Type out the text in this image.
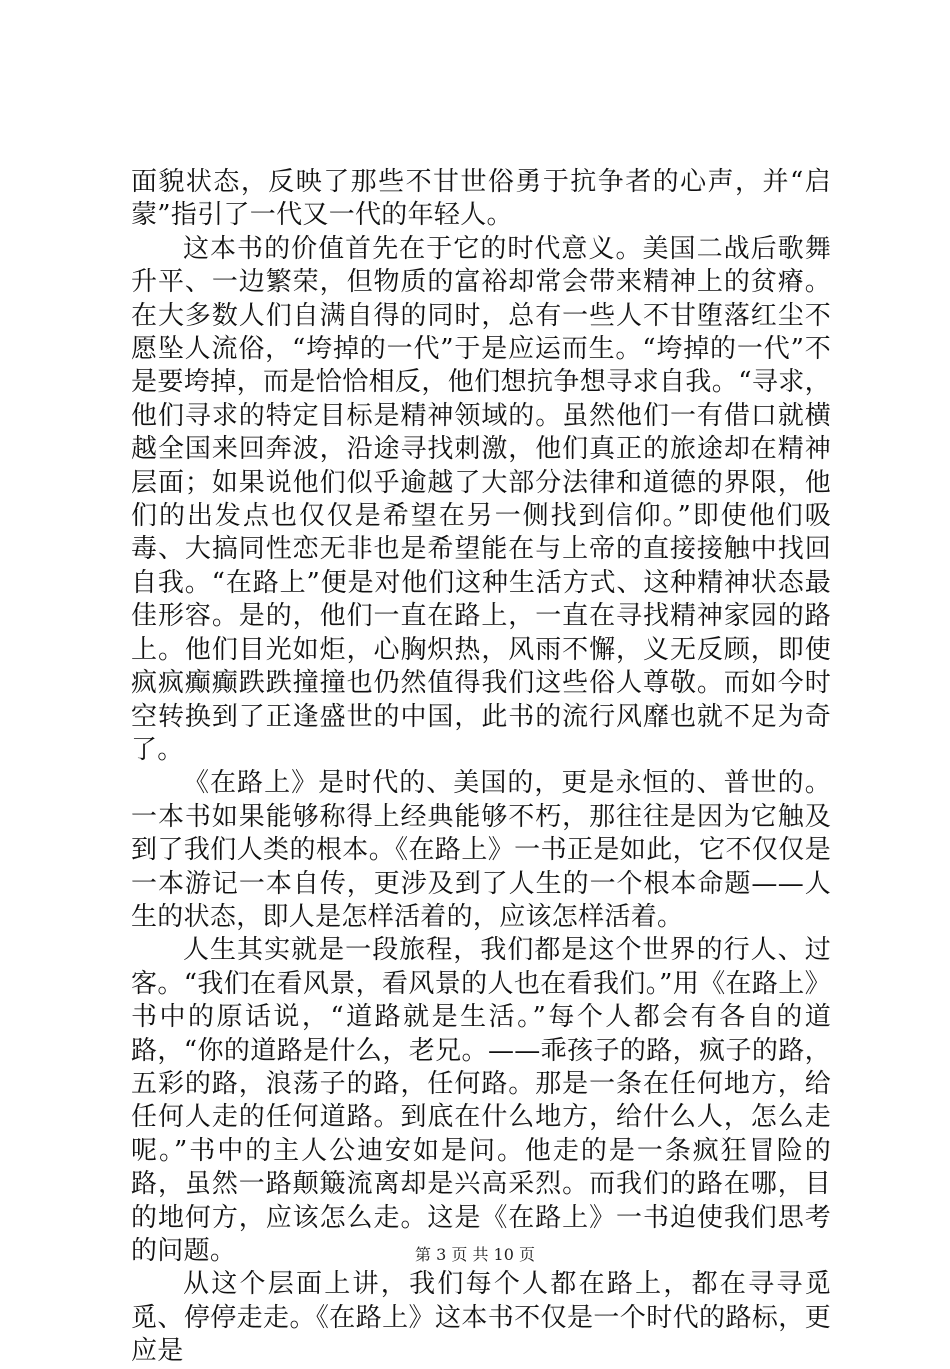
面貌状态，反映了那些不甘世俗勇于抗争者的心声，并“启蒙”指引了一代又一代的年轻人。

这本书的价值首先在于它的时代意义。美国二战后歌舞升平、一边繁荣，但物质的富裕却常会带来精神上的贫瘠。在大多数人们自满自得的同时，总有一些人不甘堕落红尘不愿坠人流俗，“垮掉的一代”于是应运而生。“垮掉的一代”不是要垮掉，而是恰恰相反，他们想抗争想寻求自我。“寻求，他们寻求的特定目标是精神领域的。虽然他们一有借口就横越全国来回奔波，沿途寻找刺激，他们真正的旅途却在精神层面；如果说他们似乎逾越了大部分法律和道德的界限，他们的出发点也仅仅是希望在另一侧找到信仰。”即使他们吸毒、大搞同性恋无非也是希望能在与上帝的直接接触中找回自我。“在路上”便是对他们这种生活方式、这种精神状态最佳形容。是的，他们一直在路上，一直在寻找精神家园的路上。他们目光如炬，心胸炽热，风雨不懈，义无反顾，即使疯疯癫癫跌跌撞撞也仍然值得我们这些俗人尊敬。而如今时空转换到了正逢盛世的中国，此书的流行风靡也就不足为奇了。

《在路上》是时代的、美国的，更是永恒的、普世的。一本书如果能够称得上经典能够不朽，那往往是因为它触及到了我们人类的根本。《在路上》一书正是如此，它不仅仅是一本游记一本自传，更涉及到了人生的一个根本命题——人生的状态，即人是怎样活着的，应该怎样活着。

人生其实就是一段旅程，我们都是这个世界的行人、过客。“我们在看风景，看风景的人也在看我们。”用《在路上》书中的原话说，“道路就是生活。”每个人都会有各自的道路，“你的道路是什么，老兄。——乖孩子的路，疯子的路，五彩的路，浪荡子的路，任何路。那是一条在任何地方，给任何人走的任何道路。到底在什么地方，给什么人，怎么走呢。”书中的主人公迪安如是问。他走的是一条疯狂冒险的路，虽然一路颠簸流离却是兴高采烈。而我们的路在哪，目的地何方，应该怎么走。这是《在路上》一书迫使我们思考的问题。

从这个层面上讲，我们每个人都在路上，都在寻寻觅觅、停停走走。《在路上》这本书不仅是一个时代的路标，更应是

第 3 页 共 10 页
